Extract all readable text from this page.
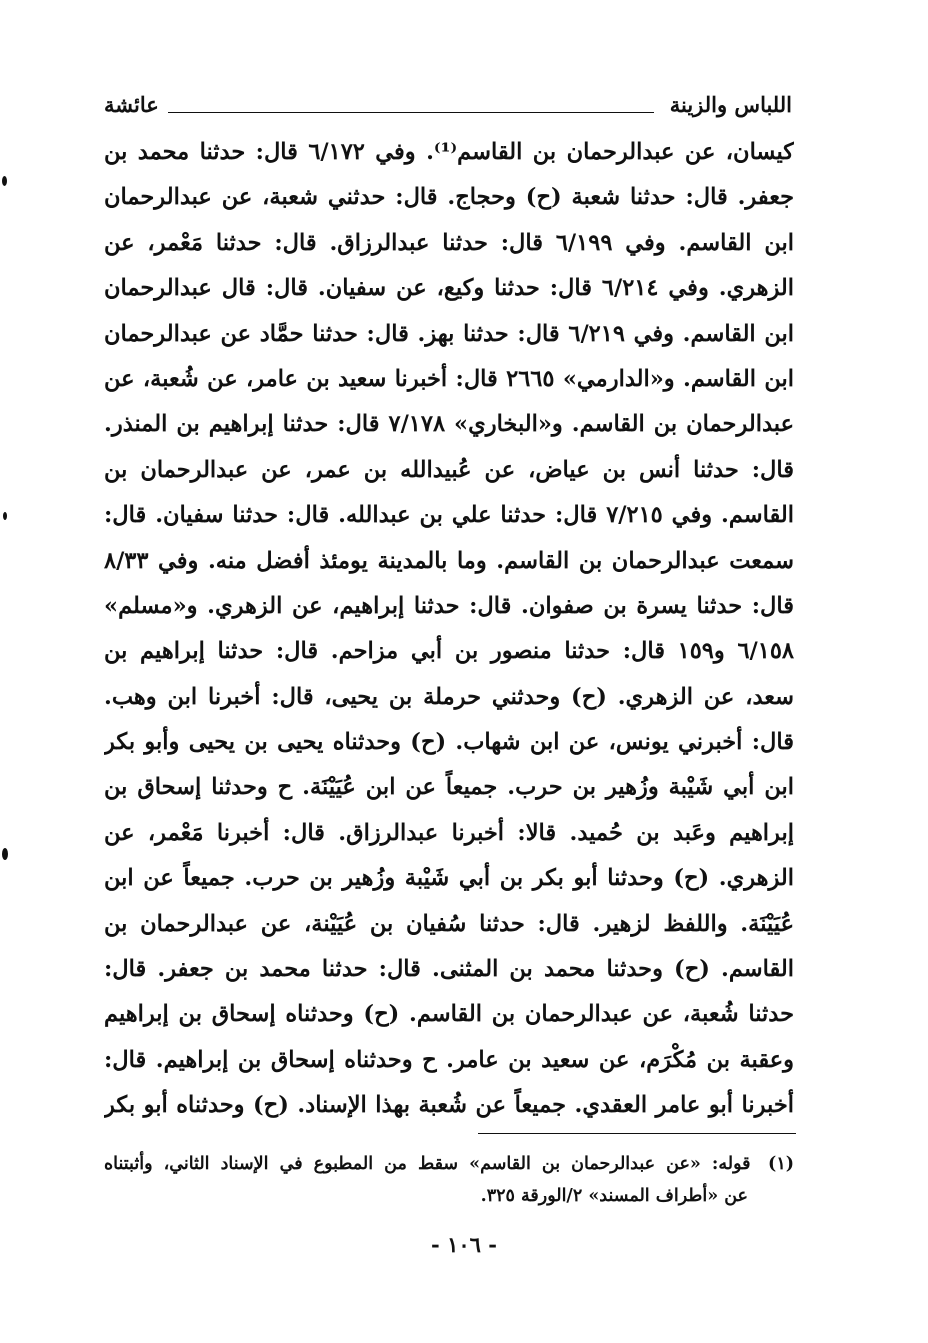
اللباس والزينة
عائشة
كيسان، عن عبدالرحمان بن القاسم⁽¹⁾. وفي ٦/١٧٢ قال: حدثنا محمد بن
جعفر. قال: حدثنا شعبة (ح) وحجاج. قال: حدثني شعبة، عن عبدالرحمان
ابن القاسم. وفي ٦/١٩٩ قال: حدثنا عبدالرزاق. قال: حدثنا مَعْمر، عن
الزهري. وفي ٦/٢١٤ قال: حدثنا وكيع، عن سفيان. قال: قال عبدالرحمان
ابن القاسم. وفي ٦/٢١٩ قال: حدثنا بهز. قال: حدثنا حمَّاد عن عبدالرحمان
ابن القاسم. و«الدارمي» ٢٦٦٥ قال: أخبرنا سعيد بن عامر، عن شُعبة، عن
عبدالرحمان بن القاسم. و«البخاري» ٧/١٧٨ قال: حدثنا إبراهيم بن المنذر.
قال: حدثنا أنس بن عياض، عن عُبيدالله بن عمر، عن عبدالرحمان بن
القاسم. وفي ٧/٢١٥ قال: حدثنا علي بن عبدالله. قال: حدثنا سفيان. قال:
سمعت عبدالرحمان بن القاسم. وما بالمدينة يومئذ أفضل منه. وفي ٨/٣٣
قال: حدثنا يسرة بن صفوان. قال: حدثنا إبراهيم، عن الزهري. و«مسلم»
٦/١٥٨ و١٥٩ قال: حدثنا منصور بن أبي مزاحم. قال: حدثنا إبراهيم بن
سعد، عن الزهري. (ح) وحدثني حرملة بن يحيى، قال: أخبرنا ابن وهب.
قال: أخبرني يونس، عن ابن شهاب. (ح) وحدثناه يحيى بن يحيى وأبو بكر
ابن أبي شَيْبة وزُهير بن حرب. جميعاً عن ابن عُيَيْنَة. ح وحدثنا إسحاق بن
إبراهيم وعَبد بن حُميد. قالا: أخبرنا عبدالرزاق. قال: أخبرنا مَعْمر، عن
الزهري. (ح) وحدثنا أبو بكر بن أبي شَيْبة وزُهير بن حرب. جميعاً عن ابن
عُيَيْنَة. واللفظ لزهير. قال: حدثنا سُفيان بن عُيَيْنة، عن عبدالرحمان بن
القاسم. (ح) وحدثنا محمد بن المثنى. قال: حدثنا محمد بن جعفر. قال:
حدثنا شُعبة، عن عبدالرحمان بن القاسم. (ح) وحدثناه إسحاق بن إبراهيم
وعقبة بن مُكْرَم، عن سعيد بن عامر. ح وحدثناه إسحاق بن إبراهيم. قال:
أخبرنا أبو عامر العقدي. جميعاً عن شُعبة بهذا الإسناد. (ح) وحدثناه أبو بكر
(١) قوله: «عن عبدالرحمان بن القاسم» سقط من المطبوع في الإسناد الثاني، وأثبتناه
عن «أطراف المسند» ٢/الورقة ٣٢٥.
- ١٠٦ -
